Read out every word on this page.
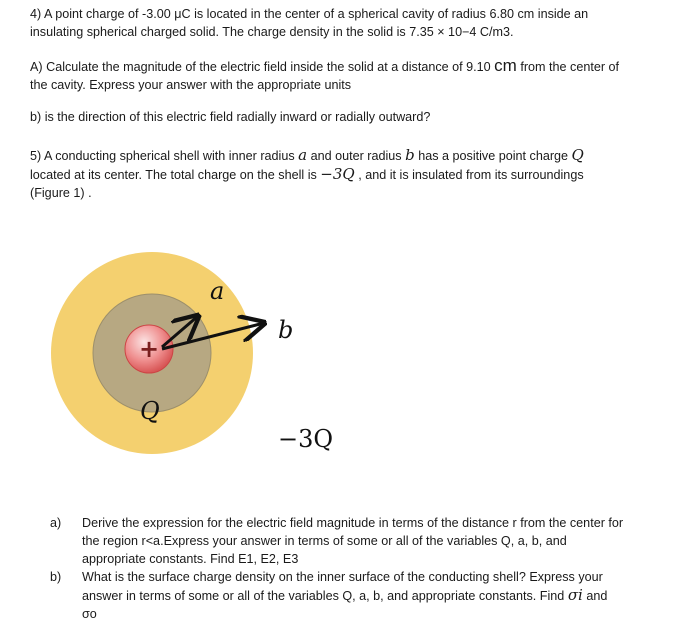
4) A point charge of -3.00 μC is located in the center of a spherical cavity of radius 6.80 cm inside an
insulating spherical charged solid. The charge density in the solid is 7.35 × 10−4 C/m3.
A) Calculate the magnitude of the electric field inside the solid at a distance of 9.10 cm from the center of
the cavity. Express your answer with the appropriate units
b) is the direction of this electric field radially inward or radially outward?
5) A conducting spherical shell with inner radius a and outer radius b has a positive point charge Q
located at its center. The total charge on the shell is −3Q , and it is insulated from its surroundings
(Figure 1) .
+
a
b
Q
−3Q
a) Derive the expression for the electric field magnitude in terms of the distance r from the center for
the region r<a.Express your answer in terms of some or all of the variables Q, a, b, and
appropriate constants. Find E1, E2, E3
b) What is the surface charge density on the inner surface of the conducting shell? Express your
answer in terms of some or all of the variables Q, a, b, and appropriate constants. Find σi and
σo
